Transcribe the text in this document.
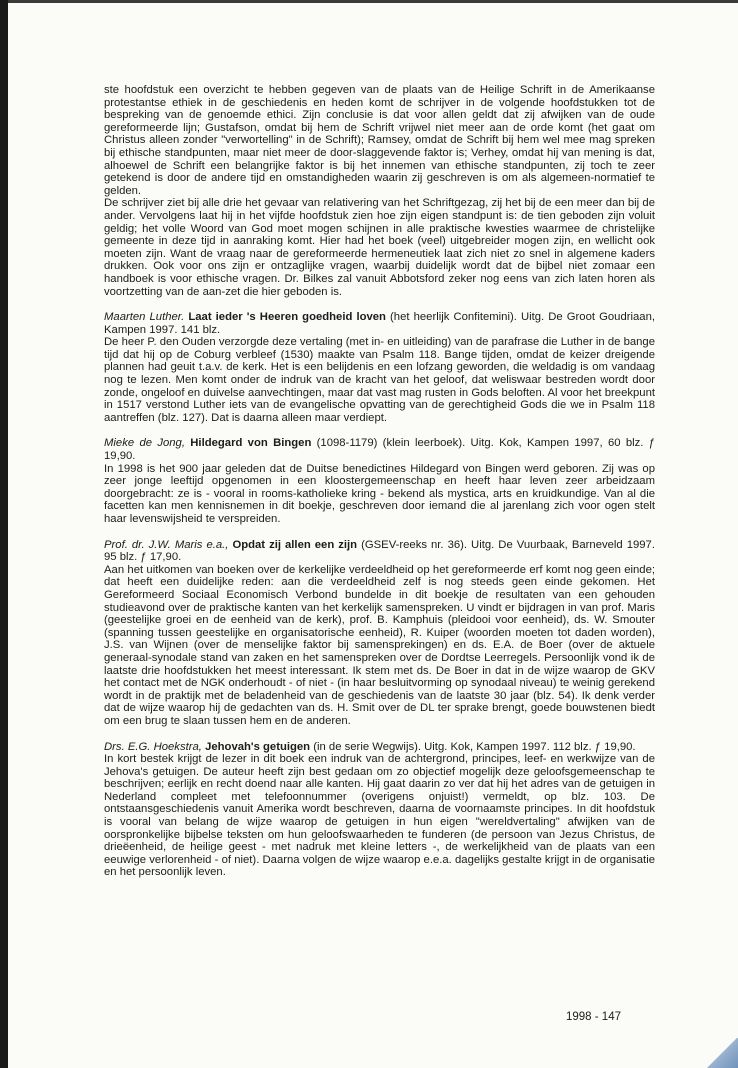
ste hoofdstuk een overzicht te hebben gegeven van de plaats van de Heilige Schrift in de Amerikaanse protestantse ethiek in de geschiedenis en heden komt de schrijver in de volgende hoofdstukken tot de bespreking van de genoemde ethici. Zijn conclusie is dat voor allen geldt dat zij afwijken van de oude gereformeerde lijn; Gustafson, omdat bij hem de Schrift vrijwel niet meer aan de orde komt (het gaat om Christus alleen zonder "verwortelling" in de Schrift); Ramsey, omdat de Schrift bij hem wel mee mag spreken bij ethische standpunten, maar niet meer de door-slaggevende faktor is; Verhey, omdat hij van mening is dat, alhoewel de Schrift een belangrijke faktor is bij het innemen van ethische standpunten, zij toch te zeer getekend is door de andere tijd en omstandigheden waarin zij geschreven is om als algemeen-normatief te gelden.

De schrijver ziet bij alle drie het gevaar van relativering van het Schriftgezag, zij het bij de een meer dan bij de ander. Vervolgens laat hij in het vijfde hoofdstuk zien hoe zijn eigen standpunt is: de tien geboden zijn voluit geldig; het volle Woord van God moet mogen schijnen in alle praktische kwesties waarmee de christelijke gemeente in deze tijd in aanraking komt. Hier had het boek (veel) uitgebreider mogen zijn, en wellicht ook moeten zijn. Want de vraag naar de gereformeerde hermeneutiek laat zich niet zo snel in algemene kaders drukken. Ook voor ons zijn er ontzaglijke vragen, waarbij duidelijk wordt dat de bijbel niet zomaar een handboek is voor ethische vragen. Dr. Bilkes zal vanuit Abbotsford zeker nog eens van zich laten horen als voortzetting van de aan-zet die hier geboden is.

Maarten Luther. Laat ieder 's Heeren goedheid loven (het heerlijk Confitemini). Uitg. De Groot Goudriaan, Kampen 1997. 141 blz.

De heer P. den Ouden verzorgde deze vertaling (met in- en uitleiding) van de parafrase die Luther in de bange tijd dat hij op de Coburg verbleef (1530) maakte van Psalm 118. Bange tijden, omdat de keizer dreigende plannen had geuit t.a.v. de kerk. Het is een belijdenis en een lofzang geworden, die weldadig is om vandaag nog te lezen. Men komt onder de indruk van de kracht van het geloof, dat weliswaar bestreden wordt door zonde, ongeloof en duivelse aanvechtingen, maar dat vast mag rusten in Gods beloften. Al voor het breekpunt in 1517 verstond Luther iets van de evangelische opvatting van de gerechtigheid Gods die we in Psalm 118 aantreffen (blz. 127). Dat is daarna alleen maar verdiept.

Mieke de Jong, Hildegard von Bingen (1098-1179) (klein leerboek). Uitg. Kok, Kampen 1997, 60 blz. ƒ 19,90.

In 1998 is het 900 jaar geleden dat de Duitse benedictines Hildegard von Bingen werd geboren. Zij was op zeer jonge leeftijd opgenomen in een kloostergemeenschap en heeft haar leven zeer arbeidzaam doorgebracht: ze is - vooral in rooms-katholieke kring - bekend als mystica, arts en kruidkundige. Van al die facetten kan men kennisnemen in dit boekje, geschreven door iemand die al jarenlang zich voor ogen stelt haar levenswijsheid te verspreiden.

Prof. dr. J.W. Maris e.a., Opdat zij allen een zijn (GSEV-reeks nr. 36). Uitg. De Vuurbaak, Barneveld 1997. 95 blz. ƒ 17,90.

Aan het uitkomen van boeken over de kerkelijke verdeeldheid op het gereformeerde erf komt nog geen einde; dat heeft een duidelijke reden: aan die verdeeldheid zelf is nog steeds geen einde gekomen. Het Gereformeerd Sociaal Economisch Verbond bundelde in dit boekje de resultaten van een gehouden studieavond over de praktische kanten van het kerkelijk samenspreken. U vindt er bijdragen in van prof. Maris (geestelijke groei en de eenheid van de kerk), prof. B. Kamphuis (pleidooi voor eenheid), ds. W. Smouter (spanning tussen geestelijke en organisatorische eenheid), R. Kuiper (woorden moeten tot daden worden), J.S. van Wijnen (over de menselijke faktor bij samensprekingen) en ds. E.A. de Boer (over de aktuele generaal-synodale stand van zaken en het samenspreken over de Dordtse Leerregels. Persoonlijk vond ik de laatste drie hoofdstukken het meest interessant. Ik stem met ds. De Boer in dat in de wijze waarop de GKV het contact met de NGK onderhoudt - of niet - (in haar besluitvorming op synodaal niveau) te weinig gerekend wordt in de praktijk met de beladenheid van de geschiedenis van de laatste 30 jaar (blz. 54). Ik denk verder dat de wijze waarop hij de gedachten van ds. H. Smit over de DL ter sprake brengt, goede bouwstenen biedt om een brug te slaan tussen hem en de anderen.

Drs. E.G. Hoekstra, Jehovah's getuigen (in de serie Wegwijs). Uitg. Kok, Kampen 1997. 112 blz. ƒ 19,90.

In kort bestek krijgt de lezer in dit boek een indruk van de achtergrond, principes, leef- en werkwijze van de Jehova's getuigen. De auteur heeft zijn best gedaan om zo objectief mogelijk deze geloofsgemeenschap te beschrijven; eerlijk en recht doend naar alle kanten. Hij gaat daarin zo ver dat hij het adres van de getuigen in Nederland compleet met telefoonnummer (overigens onjuist!) vermeldt, op blz. 103. De ontstaansgeschiedenis vanuit Amerika wordt beschreven, daarna de voornaamste principes. In dit hoofdstuk is vooral van belang de wijze waarop de getuigen in hun eigen "wereldvertaling" afwijken van de oorspronkelijke bijbelse teksten om hun geloofswaarheden te funderen (de persoon van Jezus Christus, de drieëenheid, de heilige geest - met nadruk met kleine letters -, de werkelijkheid van de plaats van een eeuwige verlorenheid - of niet). Daarna volgen de wijze waarop e.e.a. dagelijks gestalte krijgt in de organisatie en het persoonlijk leven.

1998 - 147
